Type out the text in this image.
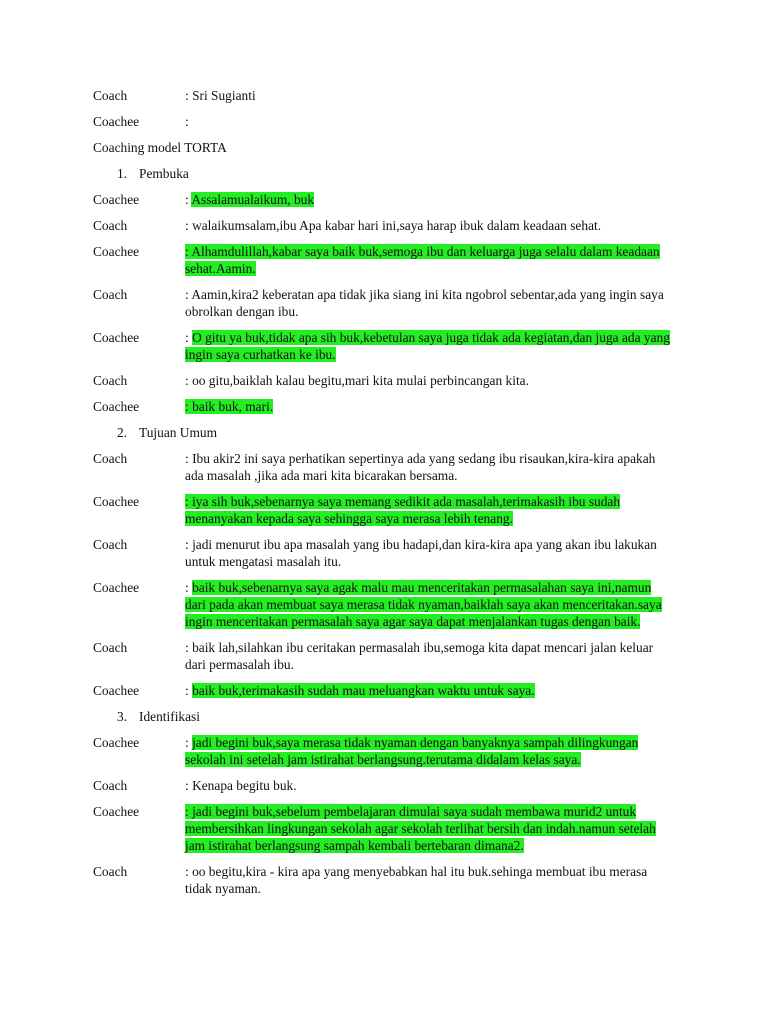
Coach	: Sri Sugianti
Coachee	:
Coaching model TORTA
1. Pembuka
Coachee	: Assalamualaikum, buk
Coach	: walaikumsalam,ibu Apa kabar hari ini,saya harap ibuk dalam keadaan sehat.
Coachee	: Alhamdulillah,kabar saya baik buk,semoga ibu dan keluarga juga selalu dalam keadaan sehat.Aamin.
Coach	: Aamin,kira2 keberatan apa tidak jika siang ini kita ngobrol sebentar,ada yang ingin saya obrolkan dengan ibu.
Coachee	: O gitu ya buk,tidak apa sih buk,kebetulan saya juga tidak ada kegiatan,dan juga ada yang ingin saya curhatkan ke ibu.
Coach	: oo gitu,baiklah kalau begitu,mari kita mulai perbincangan kita.
Coachee	: baik buk, mari.
2. Tujuan Umum
Coach	: Ibu akir2 ini saya perhatikan sepertinya ada yang sedang ibu risaukan,kira-kira apakah ada masalah ,jika ada mari kita bicarakan bersama.
Coachee	: iya sih buk,sebenarnya saya memang sedikit ada masalah,terimakasih ibu sudah menanyakan kepada saya sehingga saya merasa lebih tenang.
Coach	: jadi menurut ibu apa masalah yang ibu hadapi,dan kira-kira apa yang akan ibu lakukan untuk mengatasi masalah itu.
Coachee	: baik buk,sebenarnya saya agak malu mau menceritakan permasalahan saya ini,namun dari pada akan membuat saya merasa tidak nyaman,baiklah saya akan menceritakan.saya ingin menceritakan permasalah saya agar saya dapat menjalankan tugas dengan baik.
Coach	: baik lah,silahkan ibu ceritakan permasalah ibu,semoga kita dapat mencari jalan keluar dari permasalah ibu.
Coachee	: baik buk,terimakasih sudah mau meluangkan waktu untuk saya.
3. Identifikasi
Coachee	: jadi begini buk,saya merasa tidak nyaman dengan banyaknya sampah dilingkungan sekolah ini setelah jam istirahat berlangsung.terutama didalam kelas saya.
Coach	: Kenapa begitu buk.
Coachee	: jadi begini buk,sebelum pembelajaran dimulai saya sudah membawa murid2 untuk membersihkan lingkungan sekolah agar sekolah terlihat bersih dan indah.namun setelah jam istirahat berlangsung sampah kembali bertebaran dimana2.
Coach	: oo begitu,kira - kira apa yang menyebabkan hal itu buk.sehinga membuat ibu merasa tidak nyaman.
